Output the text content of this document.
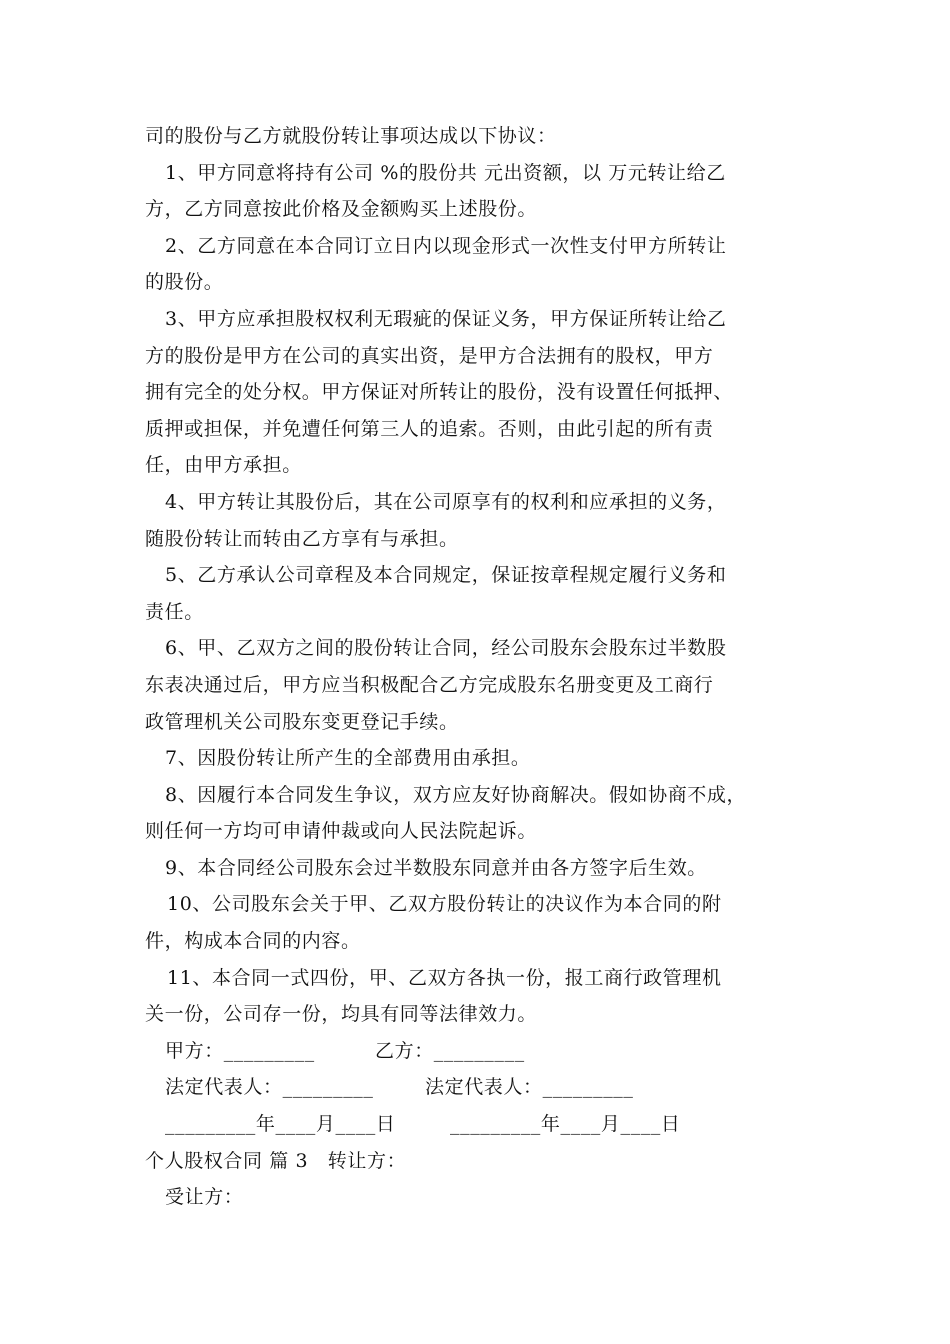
司的股份与乙方就股份转让事项达成以下协议：
1、甲方同意将持有公司 %的股份共 元出资额，以 万元转让给乙
方，乙方同意按此价格及金额购买上述股份。
2、乙方同意在本合同订立日内以现金形式一次性支付甲方所转让
的股份。
3、甲方应承担股权权利无瑕疵的保证义务，甲方保证所转让给乙
方的股份是甲方在公司的真实出资，是甲方合法拥有的股权，甲方
拥有完全的处分权。甲方保证对所转让的股份，没有设置任何抵押、
质押或担保，并免遭任何第三人的追索。否则，由此引起的所有责
任，由甲方承担。
4、甲方转让其股份后，其在公司原享有的权利和应承担的义务，
随股份转让而转由乙方享有与承担。
5、乙方承认公司章程及本合同规定，保证按章程规定履行义务和
责任。
6、甲、乙双方之间的股份转让合同，经公司股东会股东过半数股
东表决通过后，甲方应当积极配合乙方完成股东名册变更及工商行
政管理机关公司股东变更登记手续。
7、因股份转让所产生的全部费用由承担。
8、因履行本合同发生争议，双方应友好协商解决。假如协商不成，
则任何一方均可申请仲裁或向人民法院起诉。
9、本合同经公司股东会过半数股东同意并由各方签字后生效。
10、公司股东会关于甲、乙双方股份转让的决议作为本合同的附
件，构成本合同的内容。
11、本合同一式四份，甲、乙双方各执一份，报工商行政管理机
关一份，公司存一份，均具有同等法律效力。
甲方：_________	乙方：_________
法定代表人：_________	法定代表人：_________
_________年____月____日	_________年____月____日
个人股权合同 篇 3　转让方：
受让方：
